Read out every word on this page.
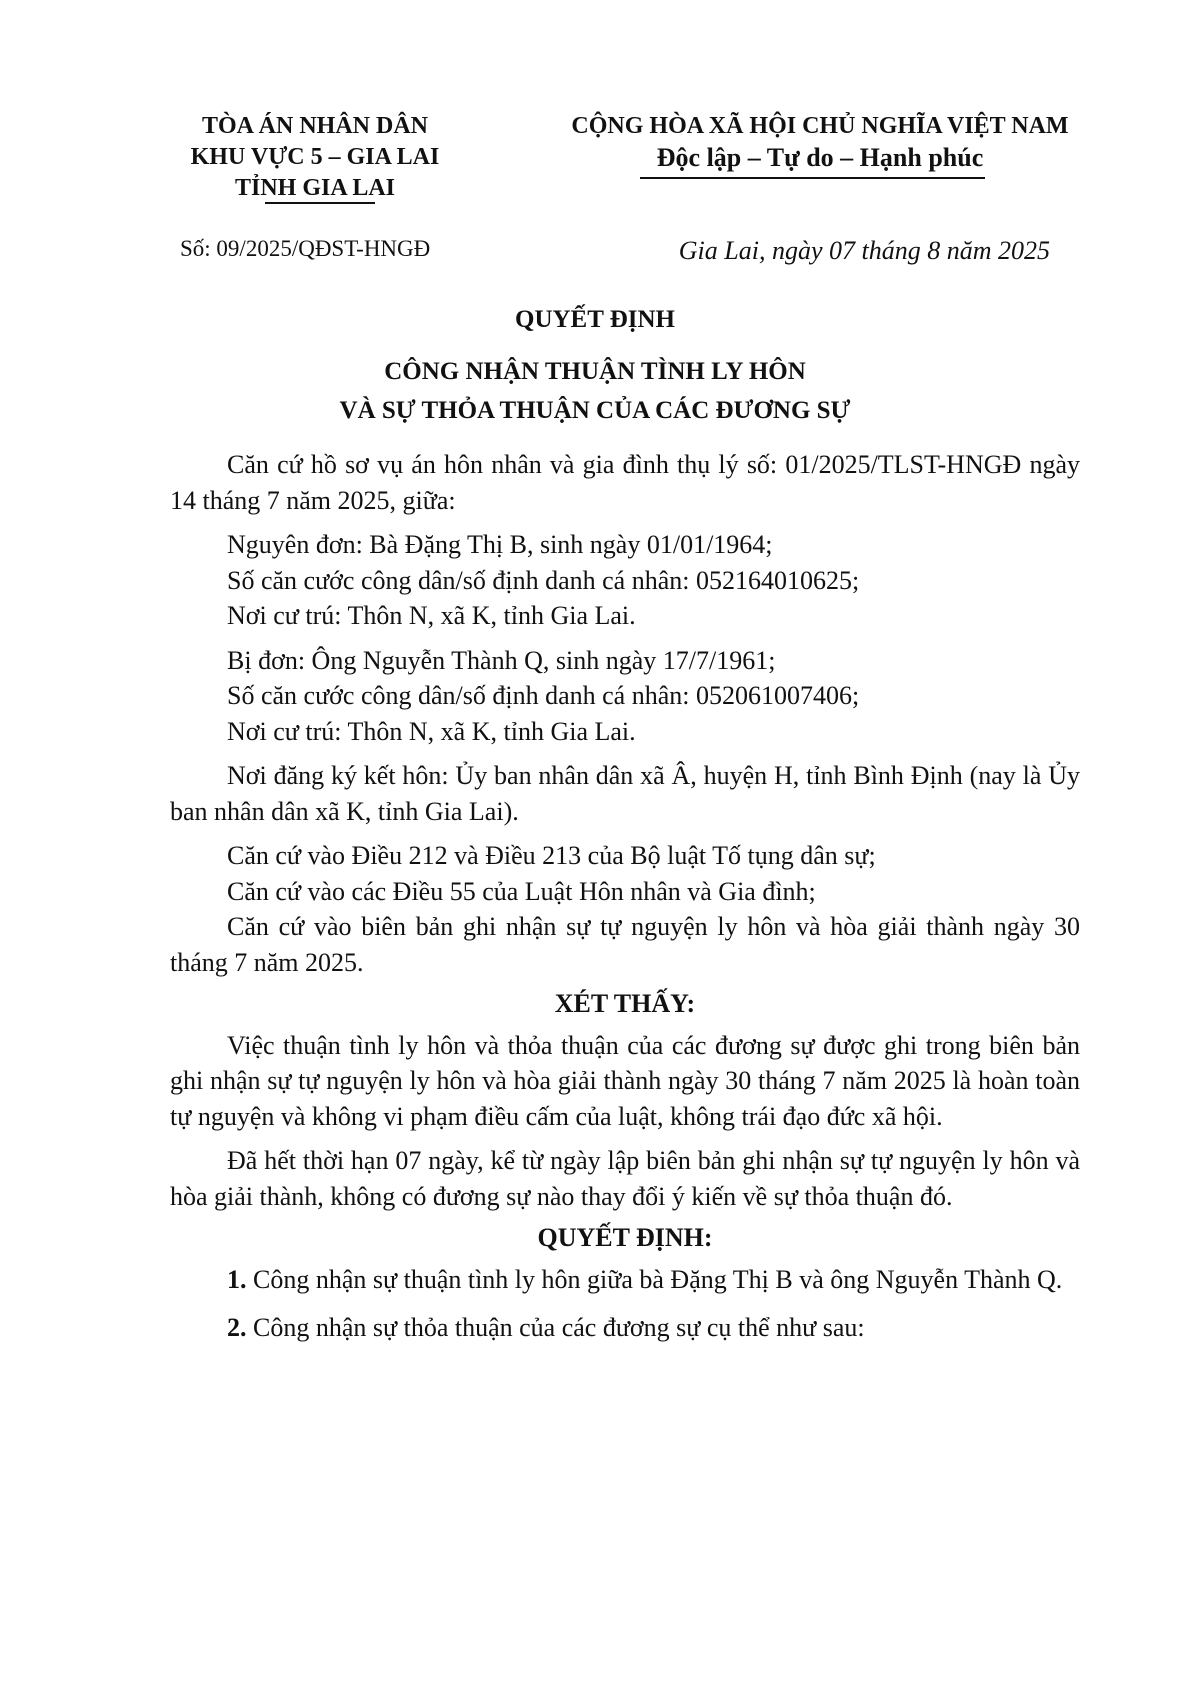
TÒA ÁN NHÂN DÂN
KHU VỰC 5 – GIA LAI
TỈNH GIA LAI
CỘNG HÒA XÃ HỘI CHỦ NGHĨA VIỆT NAM
Độc lập – Tự do – Hạnh phúc
Số: 09/2025/QĐST-HNGĐ	Gia Lai, ngày 07 tháng 8 năm 2025
QUYẾT ĐỊNH
CÔNG NHẬN THUẬN TÌNH LY HÔN
VÀ SỰ THỎA THUẬN CỦA CÁC ĐƯƠNG SỰ

Căn cứ hồ sơ vụ án hôn nhân và gia đình thụ lý số: 01/2025/TLST-HNGĐ ngày 14 tháng 7 năm 2025, giữa:

Nguyên đơn: Bà Đặng Thị B, sinh ngày 01/01/1964;

Số căn cước công dân/số định danh cá nhân: 052164010625;

Nơi cư trú: Thôn N, xã K, tỉnh Gia Lai.

Bị đơn: Ông Nguyễn Thành Q, sinh ngày 17/7/1961;

Số căn cước công dân/số định danh cá nhân: 052061007406;

Nơi cư trú: Thôn N, xã K, tỉnh Gia Lai.

Nơi đăng ký kết hôn: Ủy ban nhân dân xã Â, huyện H, tỉnh Bình Định (nay là Ủy ban nhân dân xã K, tỉnh Gia Lai).

Căn cứ vào Điều 212 và Điều 213 của Bộ luật Tố tụng dân sự;

Căn cứ vào các Điều 55 của Luật Hôn nhân và Gia đình;

Căn cứ vào biên bản ghi nhận sự tự nguyện ly hôn và hòa giải thành ngày 30 tháng 7 năm 2025.

XÉT THẤY:

Việc thuận tình ly hôn và thỏa thuận của các đương sự được ghi trong biên bản ghi nhận sự tự nguyện ly hôn và hòa giải thành ngày 30 tháng 7 năm 2025 là hoàn toàn tự nguyện và không vi phạm điều cấm của luật, không trái đạo đức xã hội.

Đã hết thời hạn 07 ngày, kể từ ngày lập biên bản ghi nhận sự tự nguyện ly hôn và hòa giải thành, không có đương sự nào thay đổi ý kiến về sự thỏa thuận đó.

QUYẾT ĐỊNH:

1. Công nhận sự thuận tình ly hôn giữa bà Đặng Thị B và ông Nguyễn Thành Q.

2. Công nhận sự thỏa thuận của các đương sự cụ thể như sau:
